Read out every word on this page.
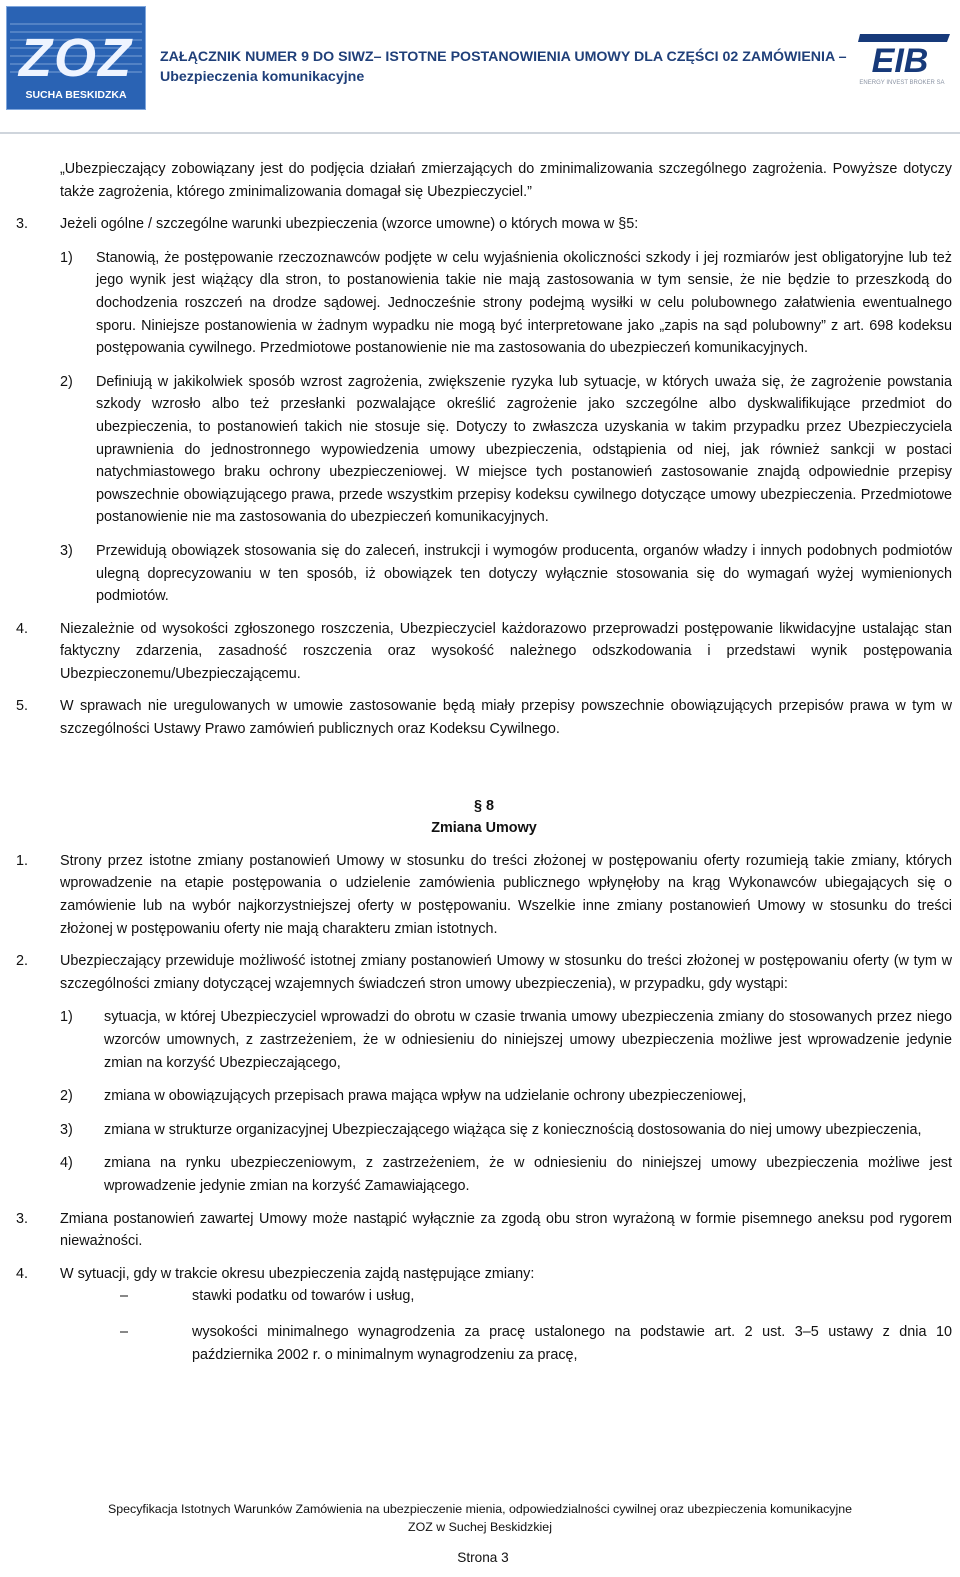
ZOZ
SUCHA BESKIDZKA
ZAŁĄCZNIK NUMER 9 DO SIWZ– ISTOTNE POSTANOWIENIA UMOWY DLA CZĘŚCI 02 ZAMÓWIENIA –
Ubezpieczenia komunikacyjne	EIB
ENERGY INVEST BROKER SA

„Ubezpieczający zobowiązany jest do podjęcia działań zmierzających do zminimalizowania szczególnego zagrożenia. Powyższe dotyczy także zagrożenia, którego zminimalizowania domagał się Ubezpieczyciel.”

3. Jeżeli ogólne / szczególne warunki ubezpieczenia (wzorce umowne) o których mowa w §5:

1) Stanowią, że postępowanie rzeczoznawców podjęte w celu wyjaśnienia okoliczności szkody i jej rozmiarów jest obligatoryjne lub też jego wynik jest wiążący dla stron, to postanowienia takie nie mają zastosowania w tym sensie, że nie będzie to przeszkodą do dochodzenia roszczeń na drodze sądowej. Jednocześnie strony podejmą wysiłki w celu polubownego załatwienia ewentualnego sporu. Niniejsze postanowienia w żadnym wypadku nie mogą być interpretowane jako „zapis na sąd polubowny” z art. 698 kodeksu postępowania cywilnego. Przedmiotowe postanowienie nie ma zastosowania do ubezpieczeń komunikacyjnych.

2) Definiują w jakikolwiek sposób wzrost zagrożenia, zwiększenie ryzyka lub sytuacje, w których uważa się, że zagrożenie powstania szkody wzrosło albo też przesłanki pozwalające określić zagrożenie jako szczególne albo dyskwalifikujące przedmiot do ubezpieczenia, to postanowień takich nie stosuje się. Dotyczy to zwłaszcza uzyskania w takim przypadku przez Ubezpieczyciela uprawnienia do jednostronnego wypowiedzenia umowy ubezpieczenia, odstąpienia od niej, jak również sankcji w postaci natychmiastowego braku ochrony ubezpieczeniowej. W miejsce tych postanowień zastosowanie znajdą odpowiednie przepisy powszechnie obowiązującego prawa, przede wszystkim przepisy kodeksu cywilnego dotyczące umowy ubezpieczenia. Przedmiotowe postanowienie nie ma zastosowania do ubezpieczeń komunikacyjnych.

3) Przewidują obowiązek stosowania się do zaleceń, instrukcji i wymogów producenta, organów władzy i innych podobnych podmiotów ulegną doprecyzowaniu w ten sposób, iż obowiązek ten dotyczy wyłącznie stosowania się do wymagań wyżej wymienionych podmiotów.

4. Niezależnie od wysokości zgłoszonego roszczenia, Ubezpieczyciel każdorazowo przeprowadzi postępowanie likwidacyjne ustalając stan faktyczny zdarzenia, zasadność roszczenia oraz wysokość należnego odszkodowania i przedstawi wynik postępowania Ubezpieczonemu/Ubezpieczającemu.

5. W sprawach nie uregulowanych w umowie zastosowanie będą miały przepisy powszechnie obowiązujących przepisów prawa w tym w szczególności Ustawy Prawo zamówień publicznych oraz Kodeksu Cywilnego.

§ 8
Zmiana Umowy
1. Strony przez istotne zmiany postanowień Umowy w stosunku do treści złożonej w postępowaniu oferty rozumieją takie zmiany, których wprowadzenie na etapie postępowania o udzielenie zamówienia publicznego wpłynęłoby na krąg Wykonawców ubiegających się o zamówienie lub na wybór najkorzystniejszej oferty w postępowaniu. Wszelkie inne zmiany postanowień Umowy w stosunku do treści złożonej w postępowaniu oferty nie mają charakteru zmian istotnych.

2. Ubezpieczający przewiduje możliwość istotnej zmiany postanowień Umowy w stosunku do treści złożonej w postępowaniu oferty (w tym w szczególności zmiany dotyczącej wzajemnych świadczeń stron umowy ubezpieczenia), w przypadku, gdy wystąpi:

1) sytuacja, w której Ubezpieczyciel wprowadzi do obrotu w czasie trwania umowy ubezpieczenia zmiany do stosowanych przez niego wzorców umownych, z zastrzeżeniem, że w odniesieniu do niniejszej umowy ubezpieczenia możliwe jest wprowadzenie jedynie zmian na korzyść Ubezpieczającego,

2) zmiana w obowiązujących przepisach prawa mająca wpływ na udzielanie ochrony ubezpieczeniowej,

3) zmiana w strukturze organizacyjnej Ubezpieczającego wiążąca się z koniecznością dostosowania do niej umowy ubezpieczenia,

4) zmiana na rynku ubezpieczeniowym, z zastrzeżeniem, że w odniesieniu do niniejszej umowy ubezpieczenia możliwe jest wprowadzenie jedynie zmian na korzyść Zamawiającego.

3. Zmiana postanowień zawartej Umowy może nastąpić wyłącznie za zgodą obu stron wyrażoną w formie pisemnego aneksu pod rygorem nieważności.

4. W sytuacji, gdy w trakcie okresu ubezpieczenia zajdą następujące zmiany:

–	stawki podatku od towarów i usług,

–	wysokości minimalnego wynagrodzenia za pracę ustalonego na podstawie art. 2 ust. 3–5 ustawy z dnia 10 października 2002 r. o minimalnym wynagrodzeniu za pracę,

Specyfikacja Istotnych Warunków Zamówienia na ubezpieczenie mienia, odpowiedzialności cywilnej oraz ubezpieczenia komunikacyjne
ZOZ w Suchej Beskidzkiej
Strona 3
